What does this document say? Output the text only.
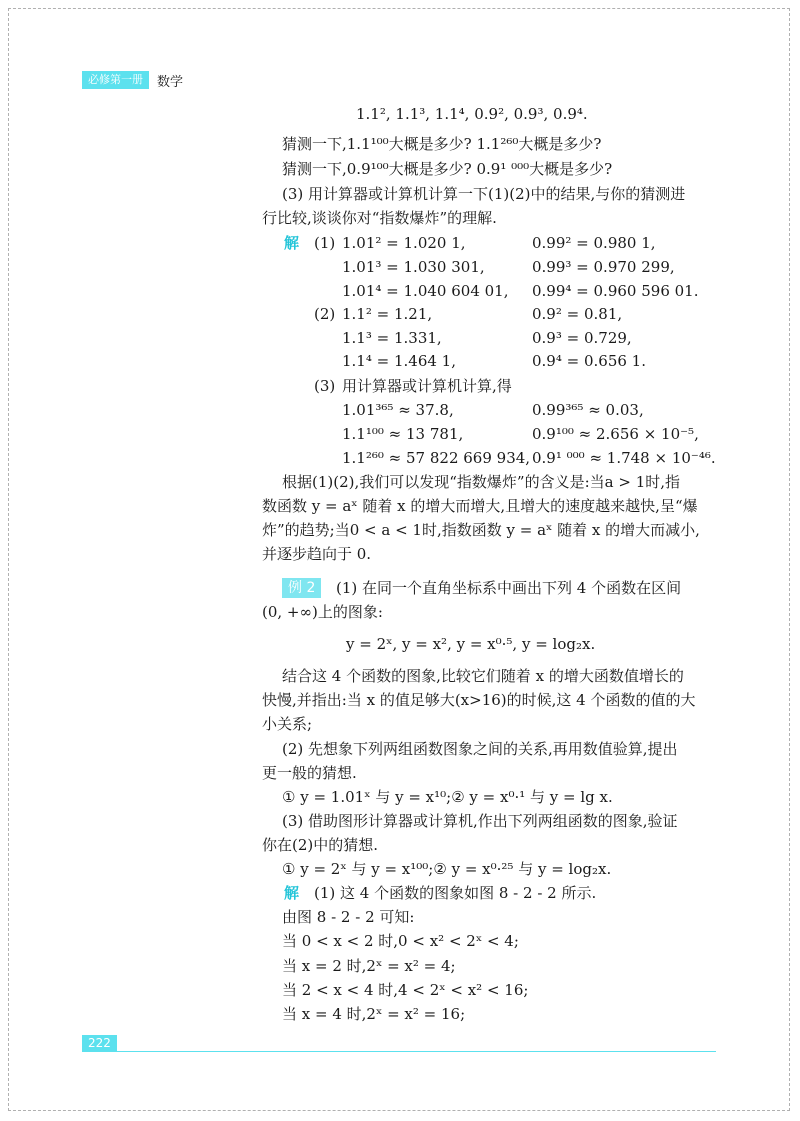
必修第一册	数学
1.1², 1.1³, 1.1⁴, 0.9², 0.9³, 0.9⁴.
猜测一下,1.1¹⁰⁰大概是多少? 1.1²⁶⁰大概是多少?
猜测一下,0.9¹⁰⁰大概是多少? 0.9¹ ⁰⁰⁰大概是多少?
(3) 用计算器或计算机计算一下(1)(2)中的结果,与你的猜测进
行比较,谈谈你对“指数爆炸”的理解.
解 (1) 1.01² = 1.020 1,	0.99² = 0.980 1,
1.01³ = 1.030 301,	0.99³ = 0.970 299,
1.01⁴ = 1.040 604 01, 0.99⁴ = 0.960 596 01.
(2) 1.1² = 1.21,	0.9² = 0.81,
1.1³ = 1.331,	0.9³ = 0.729,
1.1⁴ = 1.464 1,	0.9⁴ = 0.656 1.
(3) 用计算器或计算机计算,得
1.01³⁶⁵ ≈ 37.8,	0.99³⁶⁵ ≈ 0.03,
1.1¹⁰⁰ ≈ 13 781,	0.9¹⁰⁰ ≈ 2.656 × 10⁻⁵,
1.1²⁶⁰ ≈ 57 822 669 934, 0.9¹ ⁰⁰⁰ ≈ 1.748 × 10⁻⁴⁶.
根据(1)(2),我们可以发现“指数爆炸”的含义是:当a > 1时,指
数函数 y = aˣ 随着 x 的增大而增大,且增大的速度越来越快,呈“爆
炸”的趋势;当0 < a < 1时,指数函数 y = aˣ 随着 x 的增大而减小,
并逐步趋向于 0.
例 2	(1) 在同一个直角坐标系中画出下列 4 个函数在区间
(0, +∞)上的图象:
y = 2ˣ, y = x², y = x⁰·⁵, y = log₂x.
结合这 4 个函数的图象,比较它们随着 x 的增大函数值增长的
快慢,并指出:当 x 的值足够大(x>16)的时候,这 4 个函数的值的大
小关系;
(2) 先想象下列两组函数图象之间的关系,再用数值验算,提出
更一般的猜想.
① y = 1.01ˣ 与 y = x¹⁰;② y = x⁰·¹ 与 y = lg x.
(3) 借助图形计算器或计算机,作出下列两组函数的图象,验证
你在(2)中的猜想.
① y = 2ˣ 与 y = x¹⁰⁰;② y = x⁰·²⁵ 与 y = log₂x.
解 (1) 这 4 个函数的图象如图 8 - 2 - 2 所示.
由图 8 - 2 - 2 可知:
当 0 < x < 2 时,0 < x² < 2ˣ < 4;
当 x = 2 时,2ˣ = x² = 4;
当 2 < x < 4 时,4 < 2ˣ < x² < 16;
当 x = 4 时,2ˣ = x² = 16;
222
